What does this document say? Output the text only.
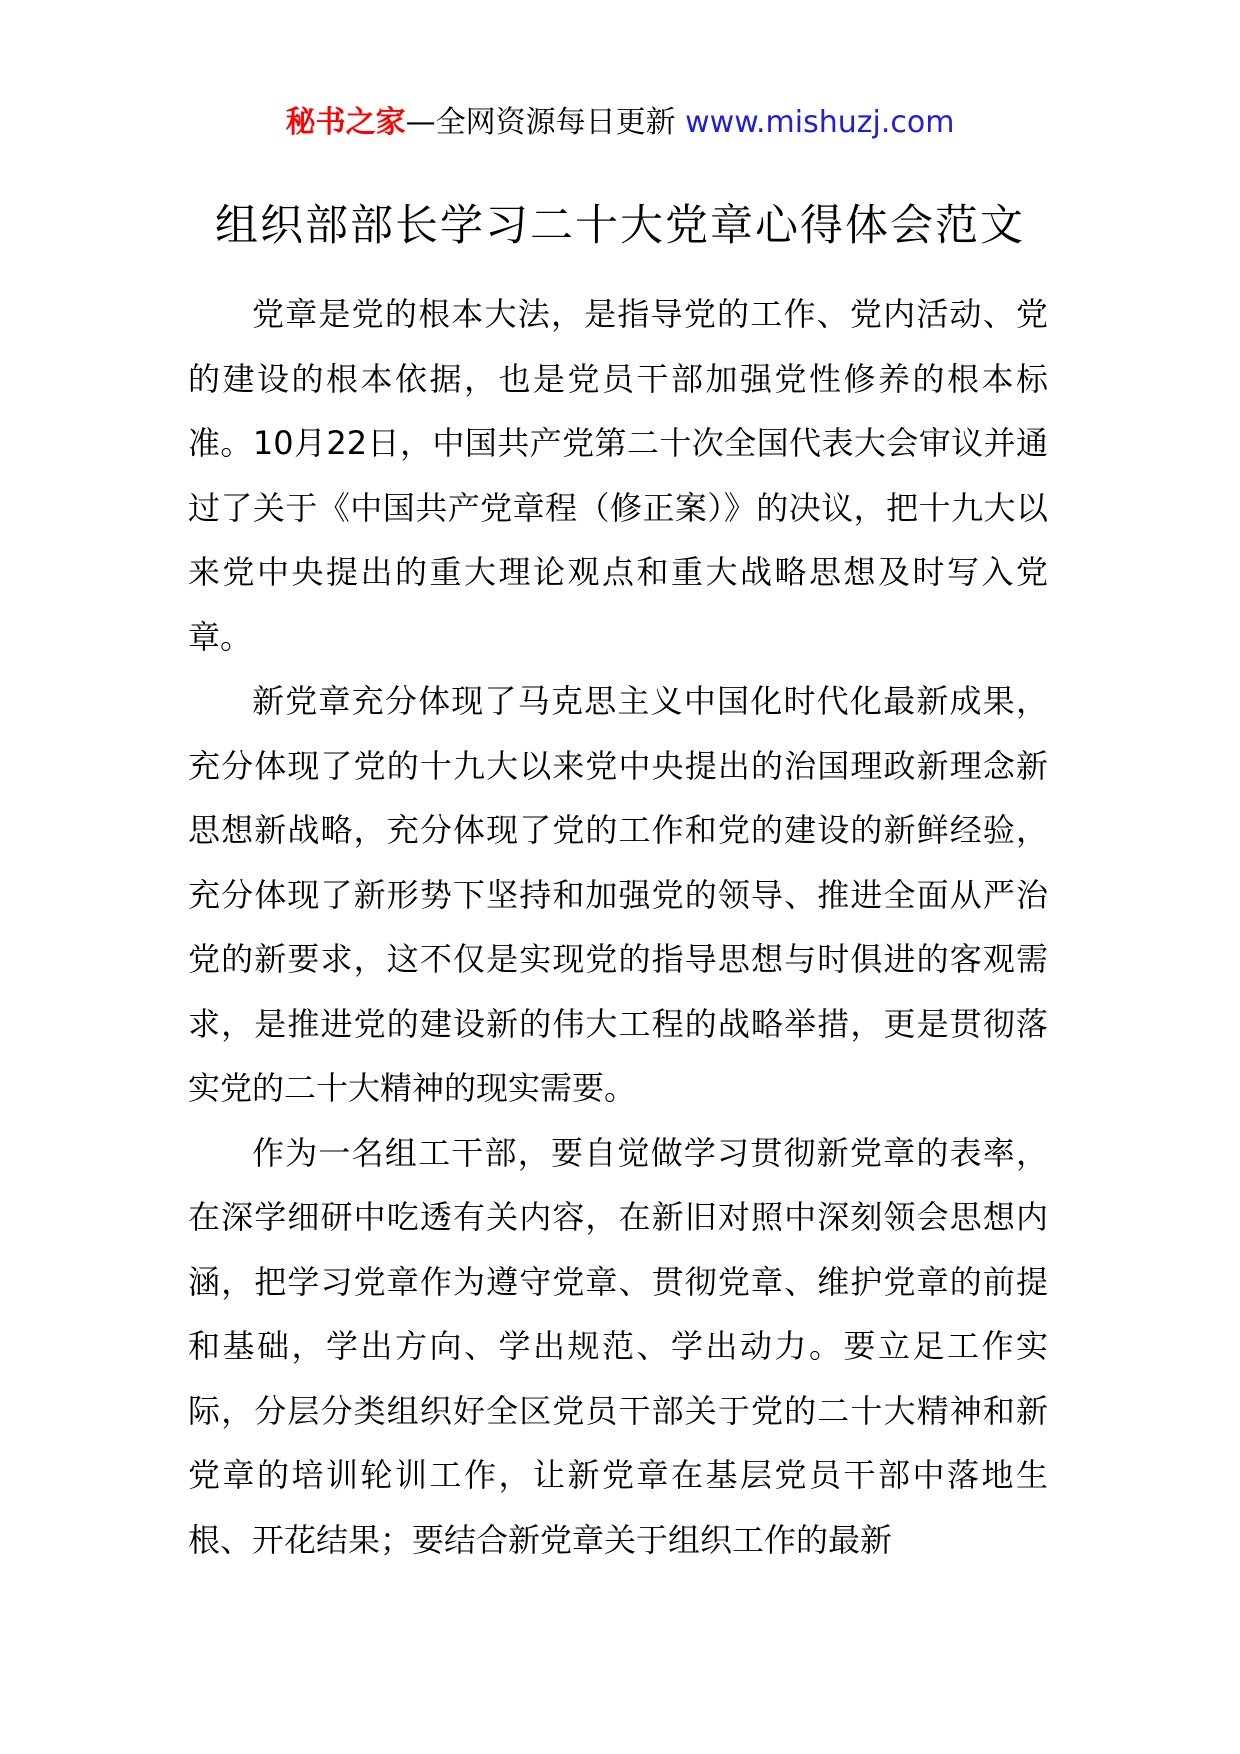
秘书之家—全网资源每日更新 www.mishuzj.com
组织部部长学习二十大党章心得体会范文

党章是党的根本大法，是指导党的工作、党内活动、党的建设的根本依据，也是党员干部加强党性修养的根本标准。10月22日，中国共产党第二十次全国代表大会审议并通过了关于《中国共产党章程（修正案）》的决议，把十九大以来党中央提出的重大理论观点和重大战略思想及时写入党章。

新党章充分体现了马克思主义中国化时代化最新成果，充分体现了党的十九大以来党中央提出的治国理政新理念新思想新战略，充分体现了党的工作和党的建设的新鲜经验，充分体现了新形势下坚持和加强党的领导、推进全面从严治党的新要求，这不仅是实现党的指导思想与时俱进的客观需求，是推进党的建设新的伟大工程的战略举措，更是贯彻落实党的二十大精神的现实需要。

作为一名组工干部，要自觉做学习贯彻新党章的表率，在深学细研中吃透有关内容，在新旧对照中深刻领会思想内涵，把学习党章作为遵守党章、贯彻党章、维护党章的前提和基础，学出方向、学出规范、学出动力。要立足工作实际，分层分类组织好全区党员干部关于党的二十大精神和新党章的培训轮训工作，让新党章在基层党员干部中落地生根、开花结果；要结合新党章关于组织工作的最新
